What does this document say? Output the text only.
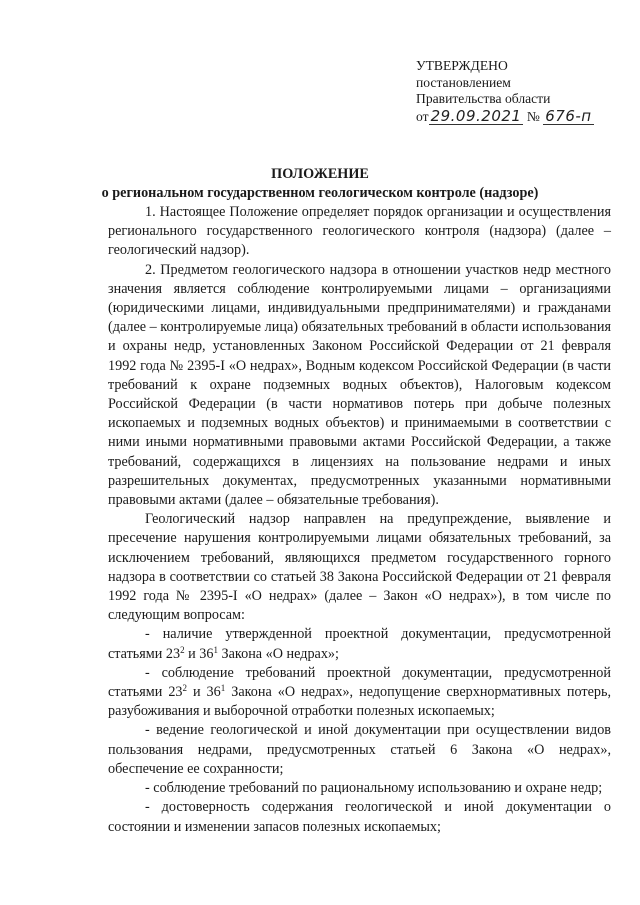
УТВЕРЖДЕНО
постановлением
Правительства области
от 29.09.2021 № 676-п
ПОЛОЖЕНИЕ
о региональном государственном геологическом контроле (надзоре)

1. Настоящее Положение определяет порядок организации и осуществления регионального государственного геологического контроля (надзора) (далее – геологический надзор).

2. Предметом геологического надзора в отношении участков недр местного значения является соблюдение контролируемыми лицами – организациями (юридическими лицами, индивидуальными предпринимателями) и гражданами (далее – контролируемые лица) обязательных требований в области использования и охраны недр, установленных Законом Российской Федерации от 21 февраля 1992 года № 2395-I «О недрах», Водным кодексом Российской Федерации (в части требований к охране подземных водных объектов), Налоговым кодексом Российской Федерации (в части нормативов потерь при добыче полезных ископаемых и подземных водных объектов) и принимаемыми в соответствии с ними иными нормативными правовыми актами Российской Федерации, а также требований, содержащихся в лицензиях на пользование недрами и иных разрешительных документах, предусмотренных указанными нормативными правовыми актами (далее – обязательные требования).

Геологический надзор направлен на предупреждение, выявление и пресечение нарушения контролируемыми лицами обязательных требований, за исключением требований, являющихся предметом государственного горного надзора в соответствии со статьей 38 Закона Российской Федерации от 21 февраля 1992 года № 2395-I «О недрах» (далее – Закон «О недрах»), в том числе по следующим вопросам:

- наличие утвержденной проектной документации, предусмотренной статьями $23^2$ и $36^1$ Закона «О недрах»;

- соблюдение требований проектной документации, предусмотренной статьями $23^2$ и $36^1$ Закона «О недрах», недопущение сверхнормативных потерь, разубоживания и выборочной отработки полезных ископаемых;

- ведение геологической и иной документации при осуществлении видов пользования недрами, предусмотренных статьей 6 Закона «О недрах», обеспечение ее сохранности;

- соблюдение требований по рациональному использованию и охране недр;

- достоверность содержания геологической и иной документации о состоянии и изменении запасов полезных ископаемых;
